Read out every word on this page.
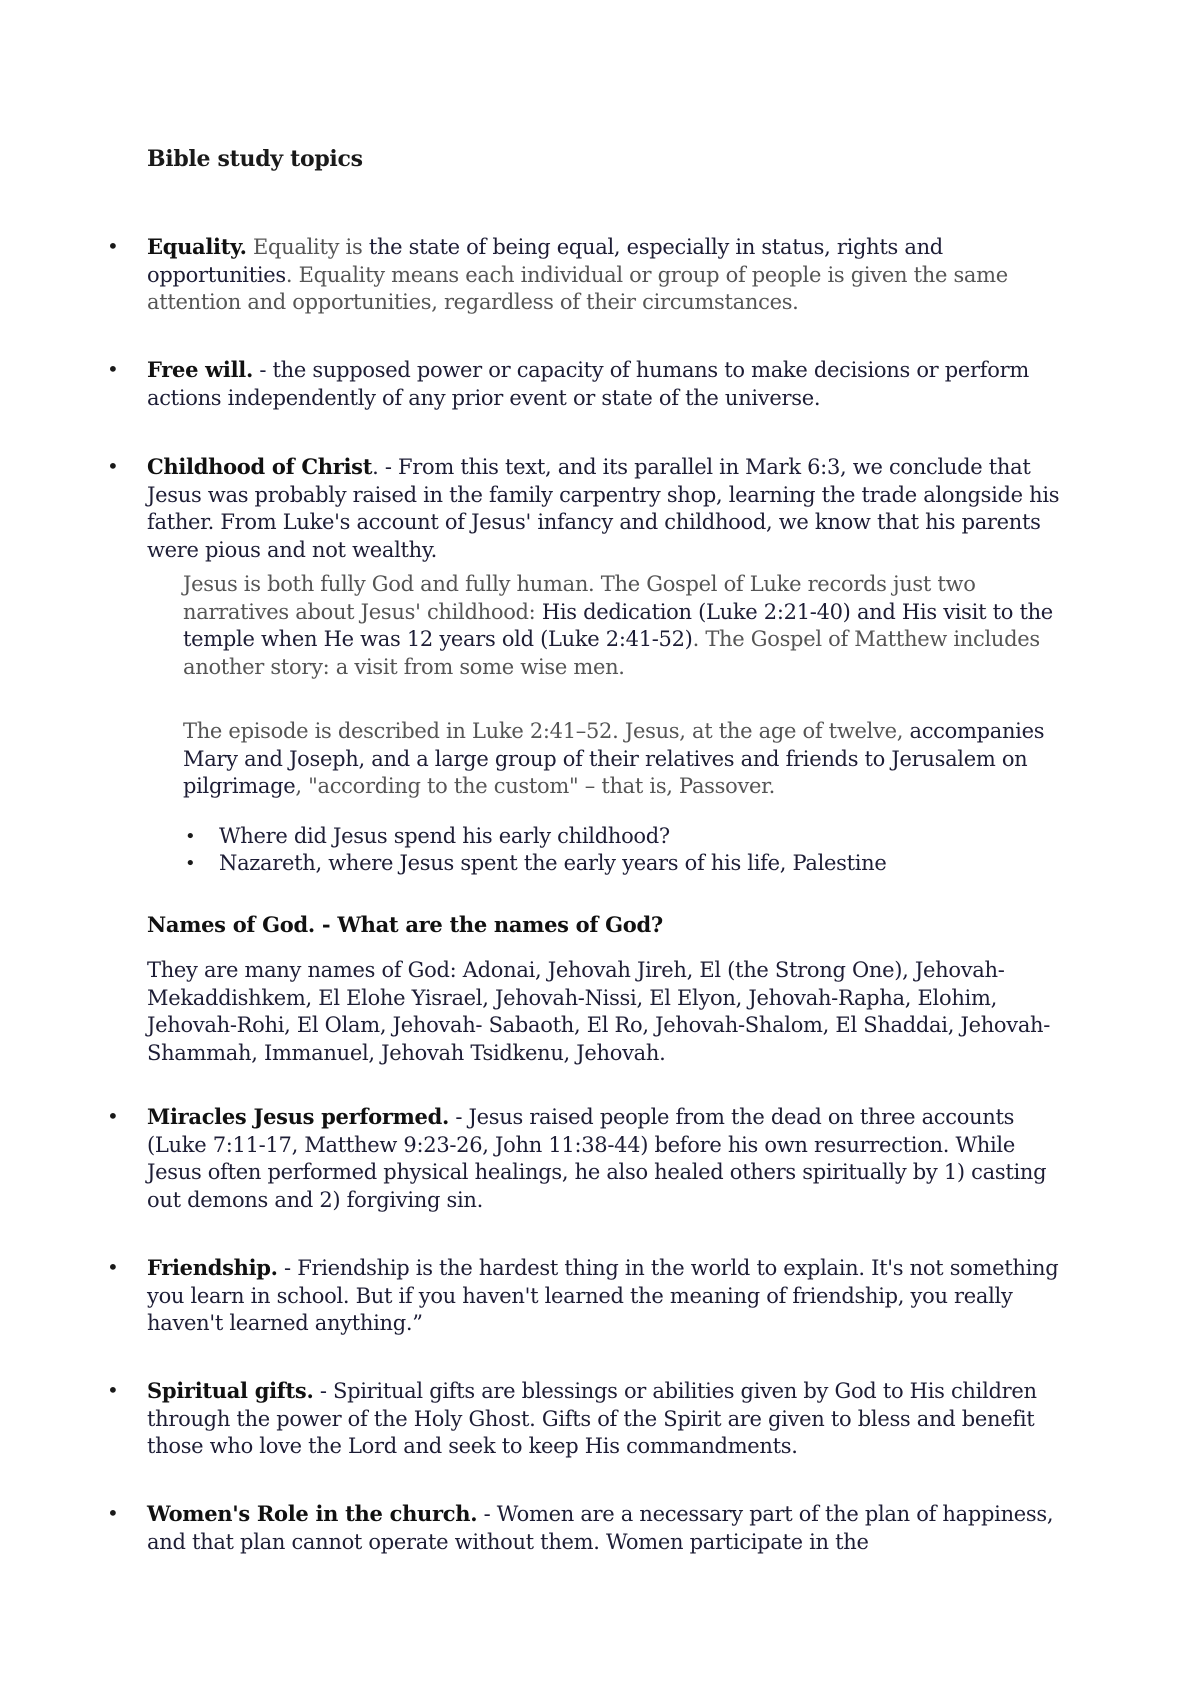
Bible study topics
• Equality. Equality is the state of being equal, especially in status, rights and opportunities. Equality means each individual or group of people is given the same attention and opportunities, regardless of their circumstances.

• Free will. - the supposed power or capacity of humans to make decisions or perform actions independently of any prior event or state of the universe.

• Childhood of Christ. - From this text, and its parallel in Mark 6:3, we conclude that Jesus was probably raised in the family carpentry shop, learning the trade alongside his father. From Luke's account of Jesus' infancy and childhood, we know that his parents were pious and not wealthy.

Jesus is both fully God and fully human. The Gospel of Luke records just two narratives about Jesus' childhood: His dedication (Luke 2:21-40) and His visit to the temple when He was 12 years old (Luke 2:41-52). The Gospel of Matthew includes another story: a visit from some wise men.

The episode is described in Luke 2:41–52. Jesus, at the age of twelve, accompanies Mary and Joseph, and a large group of their relatives and friends to Jerusalem on pilgrimage, "according to the custom" – that is, Passover.

• Where did Jesus spend his early childhood?

• Nazareth, where Jesus spent the early years of his life, Palestine

Names of God. - What are the names of God?

They are many names of God: Adonai, Jehovah Jireh, El (the Strong One), Jehovah-Mekaddishkem, El Elohe Yisrael, Jehovah-Nissi, El Elyon, Jehovah-Rapha, Elohim, Jehovah-Rohi, El Olam, Jehovah- Sabaoth, El Ro, Jehovah-Shalom, El Shaddai, Jehovah-Shammah, Immanuel, Jehovah Tsidkenu, Jehovah.

• Miracles Jesus performed. - Jesus raised people from the dead on three accounts (Luke 7:11-17, Matthew 9:23-26, John 11:38-44) before his own resurrection. While Jesus often performed physical healings, he also healed others spiritually by 1) casting out demons and 2) forgiving sin.

• Friendship. - Friendship is the hardest thing in the world to explain. It's not something you learn in school. But if you haven't learned the meaning of friendship, you really haven't learned anything.”

• Spiritual gifts. - Spiritual gifts are blessings or abilities given by God to His children through the power of the Holy Ghost. Gifts of the Spirit are given to bless and benefit those who love the Lord and seek to keep His commandments.

• Women's Role in the church. - Women are a necessary part of the plan of happiness, and that plan cannot operate without them. Women participate in the
